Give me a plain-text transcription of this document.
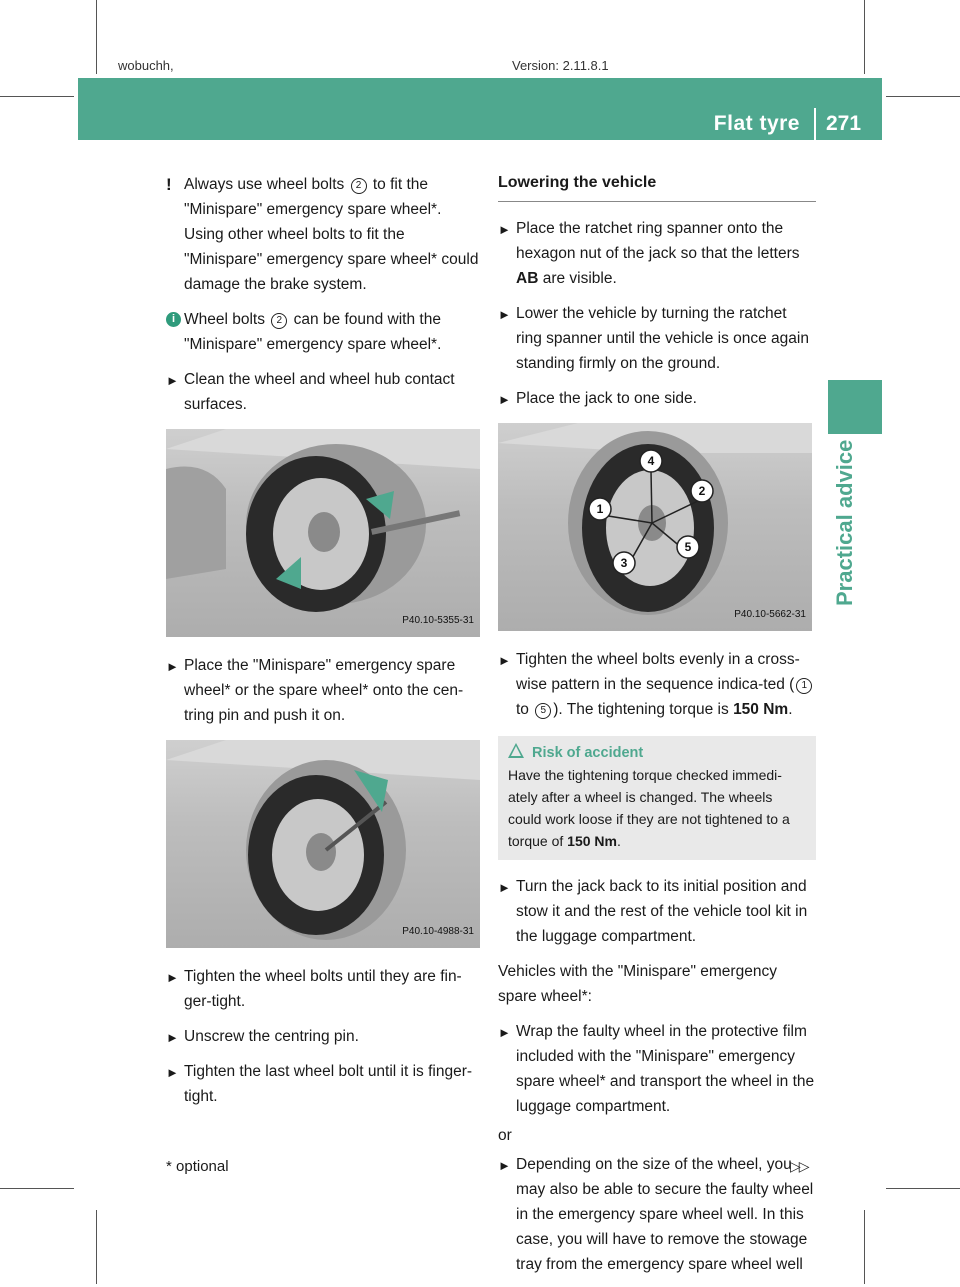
wobuchh,	Version: 2.11.8.1
Flat tyre 271
Practical advice

! Always use wheel bolts 2 to fit the "Minispare" emergency spare wheel*. Using other wheel bolts to fit the "Minispare" emergency spare wheel* could damage the brake system.

i Wheel bolts 2 can be found with the "Minispare" emergency spare wheel*.

► Clean the wheel and wheel hub contact surfaces.

P40.10-5355-31

► Place the "Minispare" emergency spare wheel* or the spare wheel* onto the cen-tring pin and push it on.

P40.10-4988-31

► Tighten the wheel bolts until they are fin-ger-tight.

► Unscrew the centring pin.

► Tighten the last wheel bolt until it is finger-tight.

Lowering the vehicle

► Place the ratchet ring spanner onto the hexagon nut of the jack so that the letters AB are visible.

► Lower the vehicle by turning the ratchet ring spanner until the vehicle is once again standing firmly on the ground.

► Place the jack to one side.

4
2
1
3
5
P40.10-5662-31

► Tighten the wheel bolts evenly in a cross-wise pattern in the sequence indica-ted ( 1 to 5 ). The tightening torque is 150 Nm.

Risk of accident
Have the tightening torque checked immedi-ately after a wheel is changed. The wheels could work loose if they are not tightened to a torque of 150 Nm.

► Turn the jack back to its initial position and stow it and the rest of the vehicle tool kit in the luggage compartment.

Vehicles with the "Minispare" emergency spare wheel*:

► Wrap the faulty wheel in the protective film included with the "Minispare" emergency spare wheel* and transport the wheel in the luggage compartment.

or

► Depending on the size of the wheel, you may also be able to secure the faulty wheel in the emergency spare wheel well. In this case, you will have to remove the stowage tray from the emergency spare wheel well

* optional	▷▷
